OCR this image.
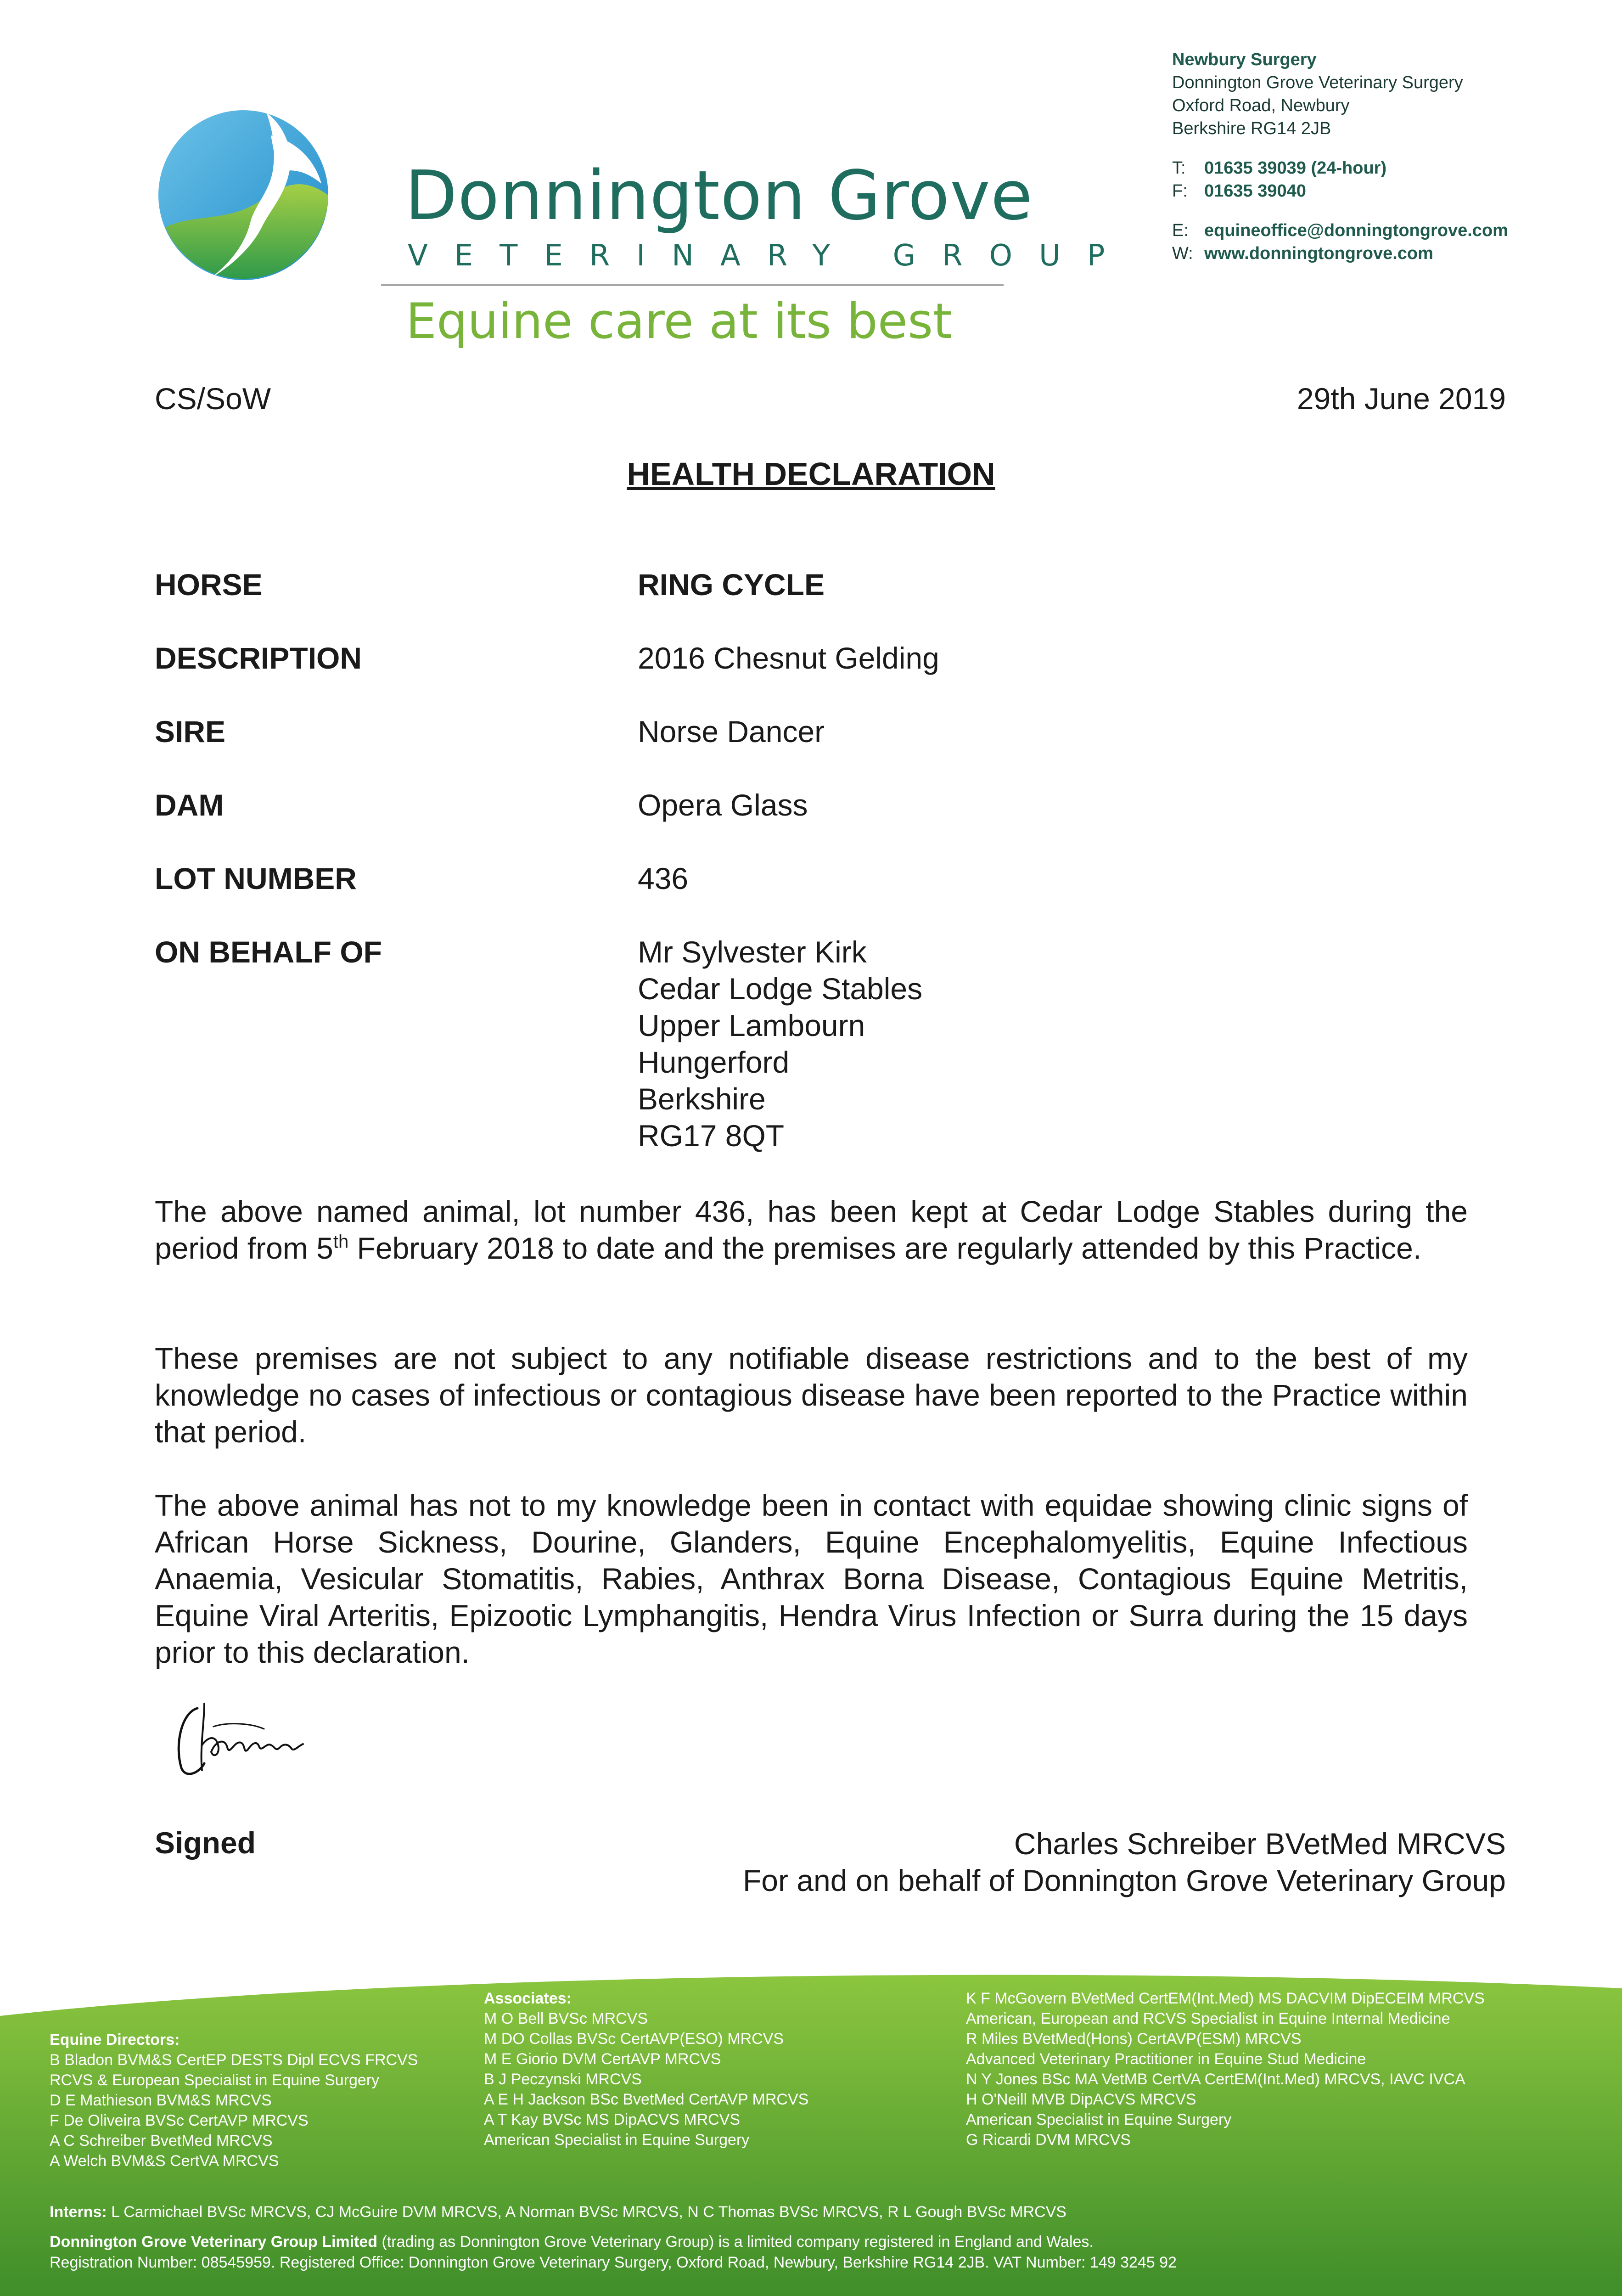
Donnington Grove
VETERINARY GROUP
Equine care at its best
Newbury Surgery
Donnington Grove Veterinary Surgery
Oxford Road, Newbury
Berkshire RG14 2JB
T: 01635 39039 (24-hour)
F: 01635 39040
E: equineoffice@donningtongrove.com
W: www.donningtongrove.com
CS/SoW	29th June 2019
HEALTH DECLARATION
HORSE	RING CYCLE
DESCRIPTION	2016 Chesnut Gelding
SIRE	Norse Dancer
DAM	Opera Glass
LOT NUMBER	436
ON BEHALF OF	Mr Sylvester Kirk
Cedar Lodge Stables
Upper Lambourn
Hungerford
Berkshire
RG17 8QT
The above named animal, lot number 436, has been kept at Cedar Lodge Stables during the period from 5th February 2018 to date and the premises are regularly attended by this Practice.
These premises are not subject to any notifiable disease restrictions and to the best of my knowledge no cases of infectious or contagious disease have been reported to the Practice within that period.
The above animal has not to my knowledge been in contact with equidae showing clinic signs of African Horse Sickness, Dourine, Glanders, Equine Encephalomyelitis, Equine Infectious Anaemia, Vesicular Stomatitis, Rabies, Anthrax Borna Disease, Contagious Equine Metritis, Equine Viral Arteritis, Epizootic Lymphangitis, Hendra Virus Infection or Surra during the 15 days prior to this declaration.
Signed	Charles Schreiber BVetMed MRCVS
For and on behalf of Donnington Grove Veterinary Group
Equine Directors:
B Bladon BVM&S CertEP DESTS Dipl ECVS FRCVS
RCVS & European Specialist in Equine Surgery
D E Mathieson BVM&S MRCVS
F De Oliveira BVSc CertAVP MRCVS
A C Schreiber BvetMed MRCVS
A Welch BVM&S CertVA MRCVS
Associates:
M O Bell BVSc MRCVS
M DO Collas BVSc CertAVP(ESO) MRCVS
M E Giorio DVM CertAVP MRCVS
B J Peczynski MRCVS
A E H Jackson BSc BvetMed CertAVP MRCVS
A T Kay BVSc MS DipACVS MRCVS
American Specialist in Equine Surgery
K F McGovern BVetMed CertEM(Int.Med) MS DACVIM DipECEIM MRCVS
American, European and RCVS Specialist in Equine Internal Medicine
R Miles BVetMed(Hons) CertAVP(ESM) MRCVS
Advanced Veterinary Practitioner in Equine Stud Medicine
N Y Jones BSc MA VetMB CertVA CertEM(Int.Med) MRCVS, IAVC IVCA
H O'Neill MVB DipACVS MRCVS
American Specialist in Equine Surgery
G Ricardi DVM MRCVS
Interns: L Carmichael BVSc MRCVS, CJ McGuire DVM MRCVS, A Norman BVSc MRCVS, N C Thomas BVSc MRCVS, R L Gough BVSc MRCVS
Donnington Grove Veterinary Group Limited (trading as Donnington Grove Veterinary Group) is a limited company registered in England and Wales.
Registration Number: 08545959. Registered Office: Donnington Grove Veterinary Surgery, Oxford Road, Newbury, Berkshire RG14 2JB. VAT Number: 149 3245 92
